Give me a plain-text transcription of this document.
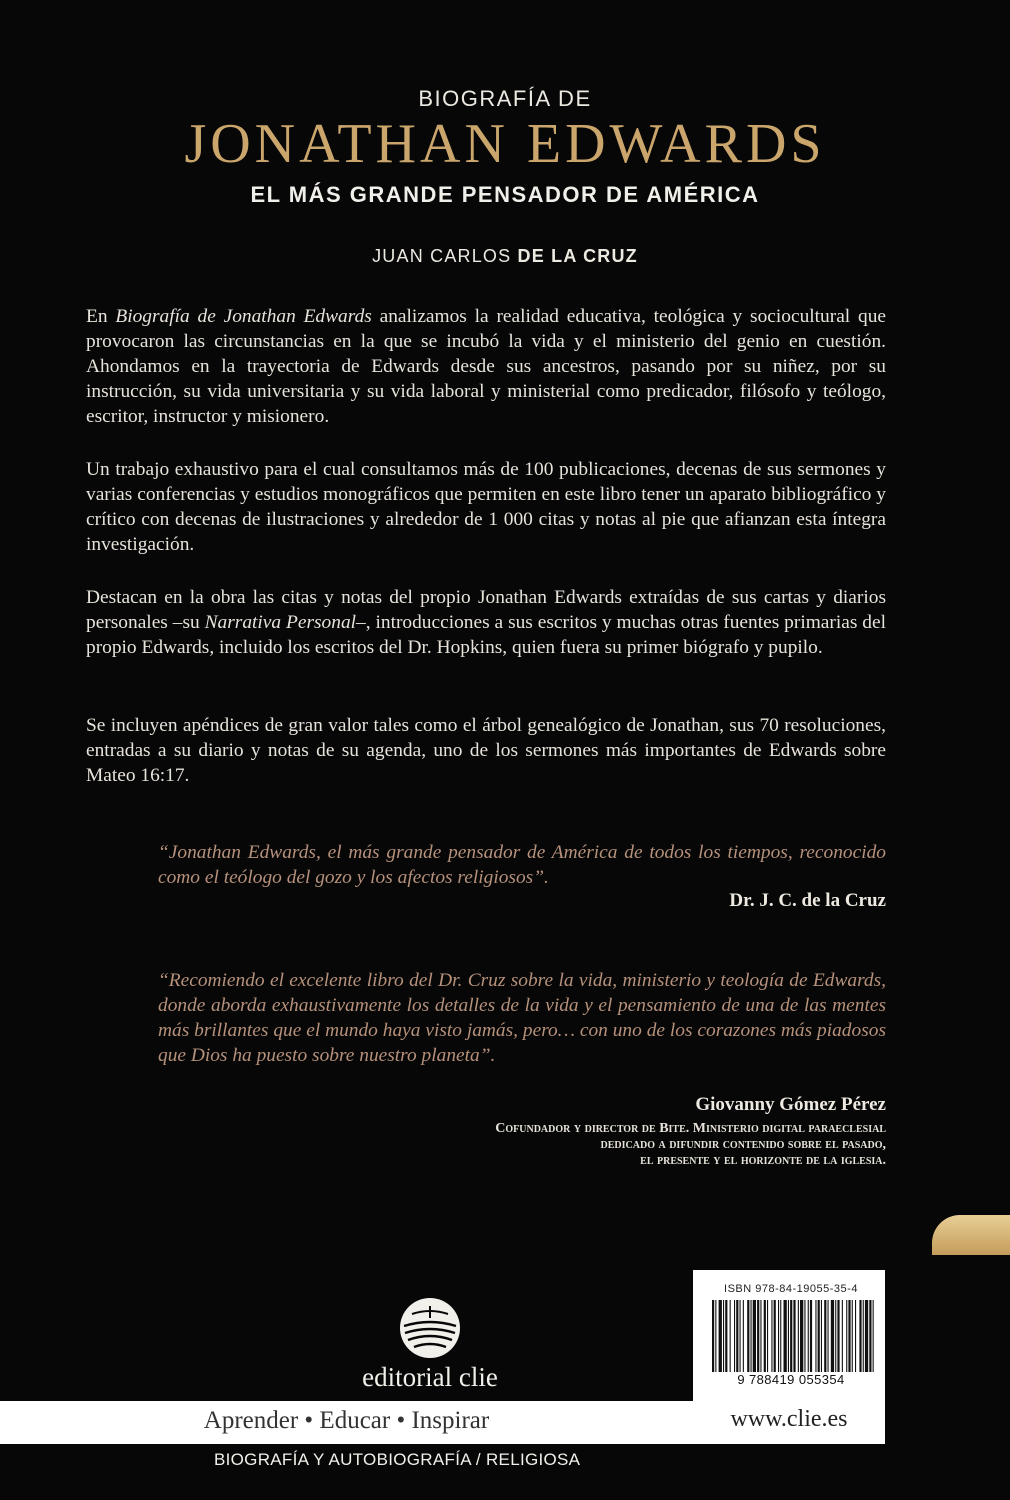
BIOGRAFÍA DE
JONATHAN EDWARDS
EL MÁS GRANDE PENSADOR DE AMÉRICA
JUAN CARLOS DE LA CRUZ

En Biografía de Jonathan Edwards analizamos la realidad educativa, teológica y sociocultural que provocaron las circunstancias en la que se incubó la vida y el ministerio del genio en cuestión. Ahondamos en la trayectoria de Edwards desde sus ancestros, pasando por su niñez, por su instrucción, su vida universitaria y su vida laboral y ministerial como predicador, filósofo y teólogo, escritor, instructor y misionero.

Un trabajo exhaustivo para el cual consultamos más de 100 publicaciones, decenas de sus sermones y varias conferencias y estudios monográficos que permiten en este libro tener un aparato bibliográfico y crítico con decenas de ilustraciones y alrededor de 1 000 citas y notas al pie que afianzan esta íntegra investigación.

Destacan en la obra las citas y notas del propio Jonathan Edwards extraídas de sus cartas y diarios personales –su Narrativa Personal–, introducciones a sus escritos y muchas otras fuentes primarias del propio Edwards, incluido los escritos del Dr. Hopkins, quien fuera su primer biógrafo y pupilo.

Se incluyen apéndices de gran valor tales como el árbol genealógico de Jonathan, sus 70 resoluciones, entradas a su diario y notas de su agenda, uno de los sermones más importantes de Edwards sobre Mateo 16:17.

“Jonathan Edwards, el más grande pensador de América de todos los tiempos, reconocido como el teólogo del gozo y los afectos religiosos”.

Dr. J. C. de la Cruz

“Recomiendo el excelente libro del Dr. Cruz sobre la vida, ministerio y teología de Edwards, donde aborda exhaustivamente los detalles de la vida y el pensamiento de una de las mentes más brillantes que el mundo haya visto jamás, pero… con uno de los corazones más piadosos que Dios ha puesto sobre nuestro planeta”.

Giovanny Gómez Pérez
Cofundador y director de Bite. Ministerio digital paraeclesial
dedicado a difundir contenido sobre el pasado,
el presente y el horizonte de la iglesia.
editorial clie
Aprender • Educar • Inspirar
ISBN 978-84-19055-35-4
9 788419 055354
www.clie.es
BIOGRAFÍA Y AUTOBIOGRAFÍA / RELIGIOSA
